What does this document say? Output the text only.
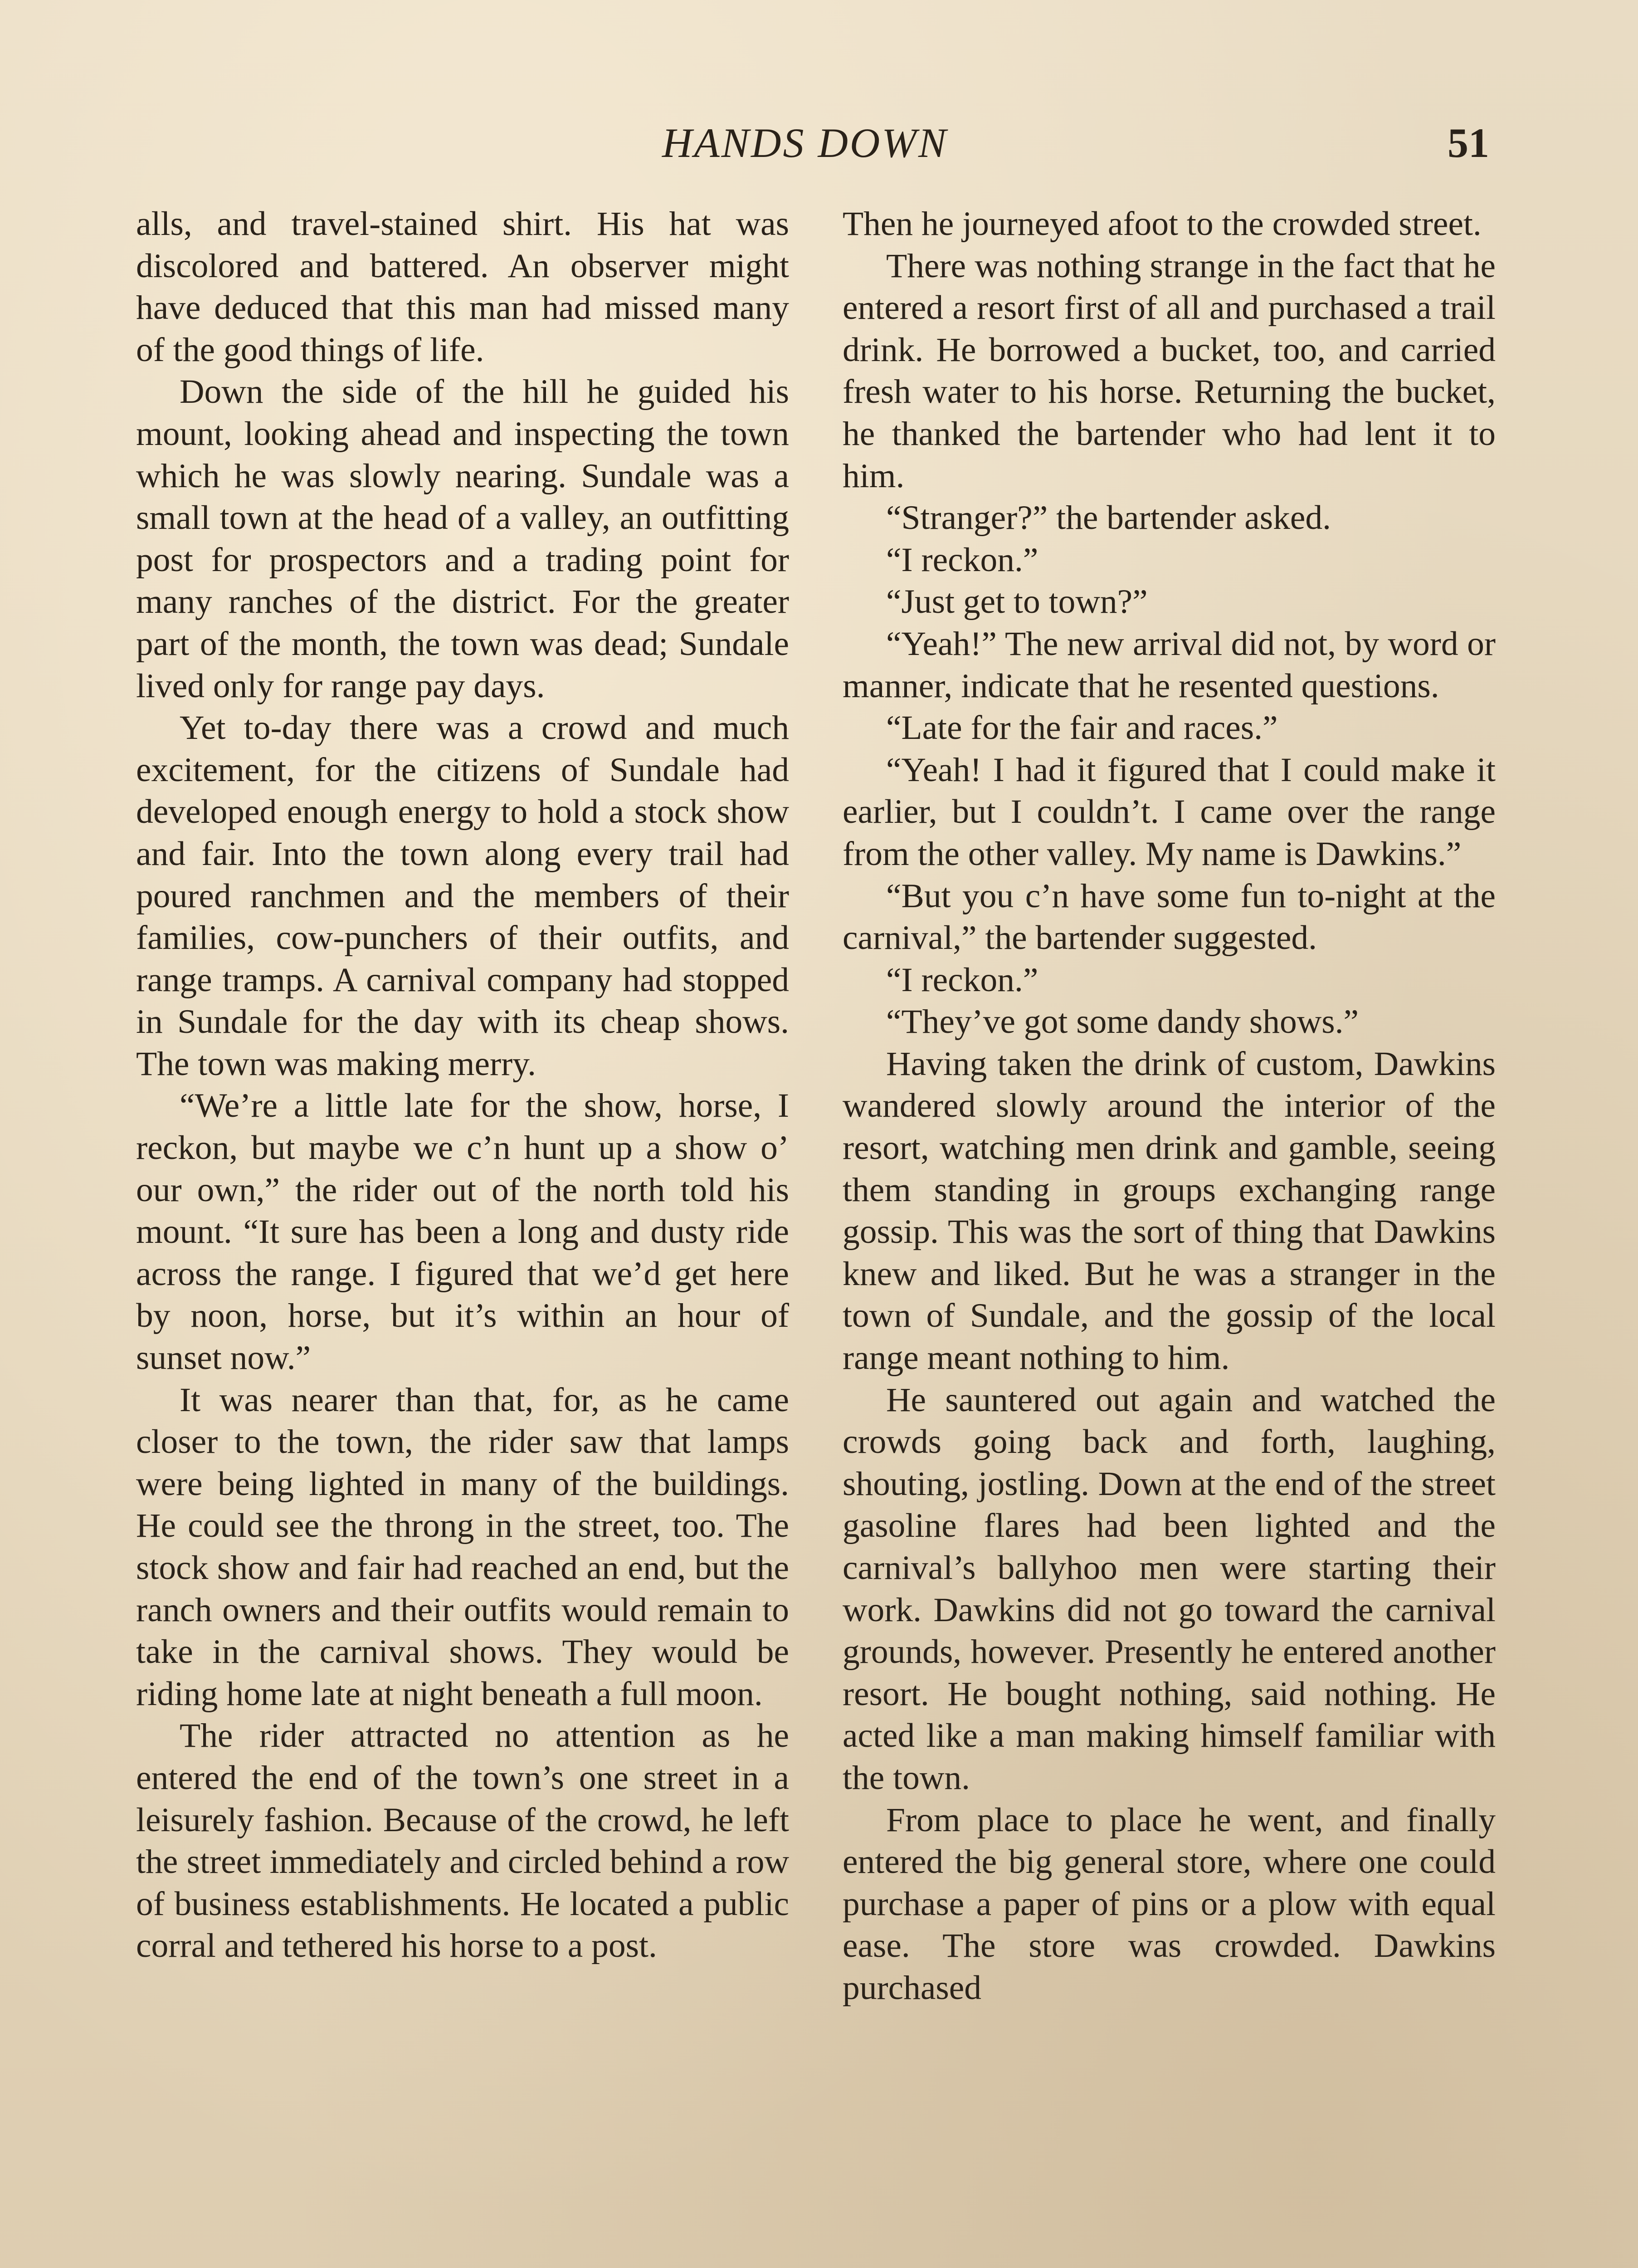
HANDS DOWN	51

alls, and travel-stained shirt. His hat was discolored and battered. An observer might have deduced that this man had missed many of the good things of life.

Down the side of the hill he guided his mount, looking ahead and inspecting the town which he was slowly nearing. Sundale was a small town at the head of a valley, an outfitting post for prospectors and a trading point for many ranches of the district. For the greater part of the month, the town was dead; Sundale lived only for range pay days.

Yet to-day there was a crowd and much excitement, for the citizens of Sundale had developed enough energy to hold a stock show and fair. Into the town along every trail had poured ranchmen and the members of their families, cow-punchers of their outfits, and range tramps. A carnival company had stopped in Sundale for the day with its cheap shows. The town was making merry.

“We’re a little late for the show, horse, I reckon, but maybe we c’n hunt up a show o’ our own,” the rider out of the north told his mount. “It sure has been a long and dusty ride across the range. I figured that we’d get here by noon, horse, but it’s within an hour of sunset now.”

It was nearer than that, for, as he came closer to the town, the rider saw that lamps were being lighted in many of the buildings. He could see the throng in the street, too. The stock show and fair had reached an end, but the ranch owners and their outfits would remain to take in the carnival shows. They would be riding home late at night beneath a full moon.

The rider attracted no attention as he entered the end of the town’s one street in a leisurely fashion. Because of the crowd, he left the street immediately and circled behind a row of business establishments. He located a public corral and tethered his horse to a post.

Then he journeyed afoot to the crowded street.

There was nothing strange in the fact that he entered a resort first of all and purchased a trail drink. He borrowed a bucket, too, and carried fresh water to his horse. Returning the bucket, he thanked the bartender who had lent it to him.

“Stranger?” the bartender asked.

“I reckon.”

“Just get to town?”

“Yeah!” The new arrival did not, by word or manner, indicate that he resented questions.

“Late for the fair and races.”

“Yeah! I had it figured that I could make it earlier, but I couldn’t. I came over the range from the other valley. My name is Dawkins.”

“But you c’n have some fun to-night at the carnival,” the bartender suggested.

“I reckon.”

“They’ve got some dandy shows.”

Having taken the drink of custom, Dawkins wandered slowly around the interior of the resort, watching men drink and gamble, seeing them standing in groups exchanging range gossip. This was the sort of thing that Dawkins knew and liked. But he was a stranger in the town of Sundale, and the gossip of the local range meant nothing to him.

He sauntered out again and watched the crowds going back and forth, laughing, shouting, jostling. Down at the end of the street gasoline flares had been lighted and the carnival’s ballyhoo men were starting their work. Dawkins did not go toward the carnival grounds, however. Presently he entered another resort. He bought nothing, said nothing. He acted like a man making himself familiar with the town.

From place to place he went, and finally entered the big general store, where one could purchase a paper of pins or a plow with equal ease. The store was crowded. Dawkins purchased
